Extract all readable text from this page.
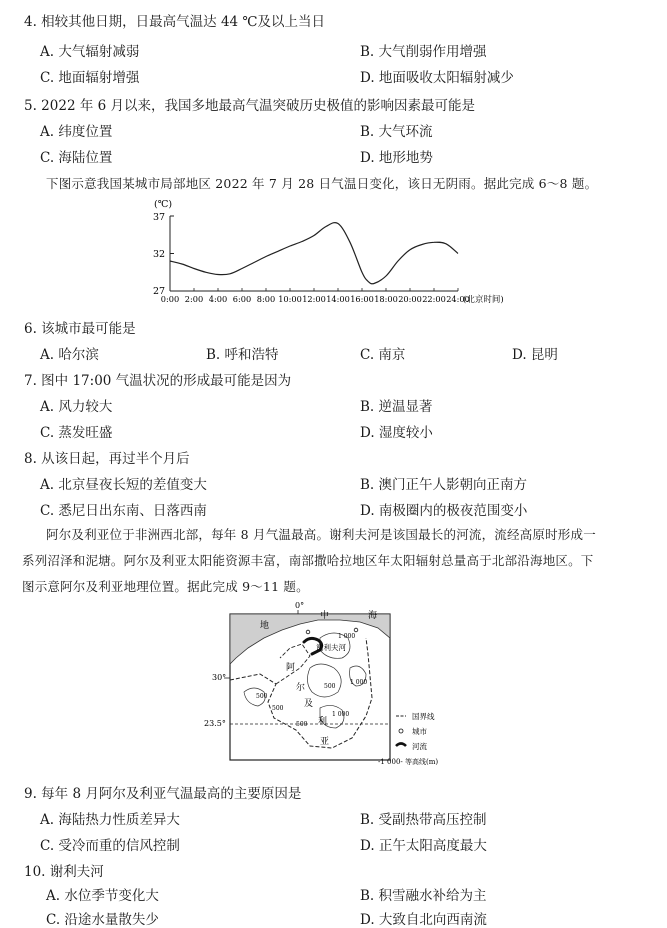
4. 相较其他日期，日最高气温达 44 ℃及以上当日
A. 大气辐射减弱	B. 大气削弱作用增强
C. 地面辐射增强	D. 地面吸收太阳辐射减少
5. 2022 年 6 月以来，我国多地最高气温突破历史极值的影响因素最可能是
A. 纬度位置	B. 大气环流
C. 海陆位置	D. 地形地势
下图示意我国某城市局部地区 2022 年 7 月 28 日气温日变化，该日无阴雨。据此完成 6～8 题。
(℃)
37
32
27
0:00 2:00 4:00 6:00 8:00 10:00 12:00 14:00 16:00 18:00 20:00 22:00 24:00
(北京时间)
6. 该城市最可能是
A. 哈尔滨	B. 呼和浩特	C. 南京	D. 昆明
7. 图中 17:00 气温状况的形成最可能是因为
A. 风力较大	B. 逆温显著
C. 蒸发旺盛	D. 湿度较小
8. 从该日起，再过半个月后
A. 北京昼夜长短的差值变大	B. 澳门正午人影朝向正南方
C. 悉尼日出东南、日落西南	D. 南极圈内的极夜范围变小
阿尔及利亚位于非洲西北部，每年 8 月气温最高。谢利夫河是该国最长的河流，流经高原时形成一
系列沼泽和泥塘。阿尔及利亚太阳能资源丰富，南部撒哈拉地区年太阳辐射总量高于北部沿海地区。下
图示意阿尔及利亚地理位置。据此完成 9～11 题。
0°
地
中	海
谢利夫河
阿
尔
及
利
亚
1 000
500
500
500
1 000
500
1 000
30°
23.5°
国界线
城市
河流
-1 000- 等高线(m)
9. 每年 8 月阿尔及利亚气温最高的主要原因是
A. 海陆热力性质差异大	B. 受副热带高压控制
C. 受冷而重的信风控制	D. 正午太阳高度最大
10. 谢利夫河
A. 水位季节变化大	B. 积雪融水补给为主
C. 沿途水量散失少	D. 大致自北向西南流
